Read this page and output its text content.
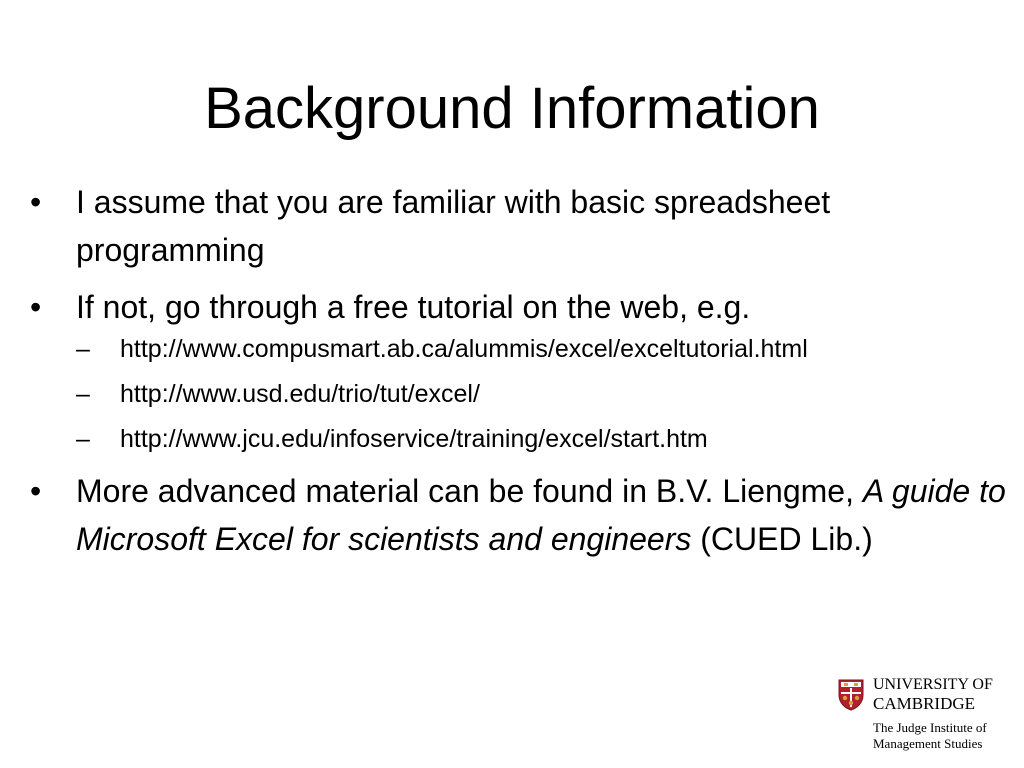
Background Information
•	I assume that you are familiar with basic spreadsheet programming
•	If not, go through a free tutorial on the web, e.g.
–	http://www.compusmart.ab.ca/alummis/excel/exceltutorial.html
–	http://www.usd.edu/trio/tut/excel/
–	http://www.jcu.edu/infoservice/training/excel/start.htm
•	More advanced material can be found in B.V. Liengme, A guide to Microsoft Excel for scientists and engineers (CUED Lib.)
UNIVERSITY OF
CAMBRIDGE
The Judge Institute of
Management Studies
